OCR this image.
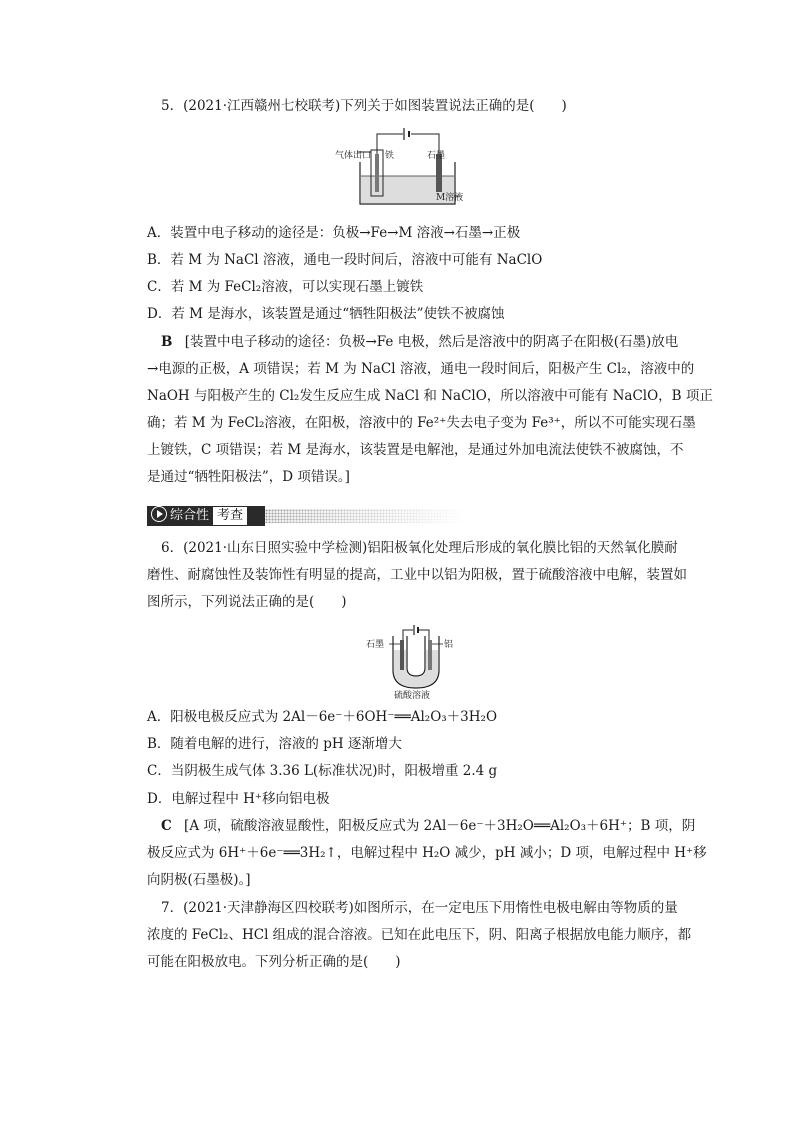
5．(2021·江西赣州七校联考)下列关于如图装置说法正确的是(　　)
气体出口 铁	石墨
M溶液
A．装置中电子移动的途径是：负极→Fe→M 溶液→石墨→正极
B．若 M 为 NaCl 溶液，通电一段时间后，溶液中可能有 NaClO
C．若 M 为 FeCl₂溶液，可以实现石墨上镀铁
D．若 M 是海水，该装置是通过“牺牲阳极法”使铁不被腐蚀
B [装置中电子移动的途径：负极→Fe 电极，然后是溶液中的阴离子在阳极(石墨)放电
→电源的正极，A 项错误；若 M 为 NaCl 溶液，通电一段时间后，阳极产生 Cl₂，溶液中的
NaOH 与阳极产生的 Cl₂发生反应生成 NaCl 和 NaClO，所以溶液中可能有 NaClO，B 项正
确；若 M 为 FeCl₂溶液，在阳极，溶液中的 Fe²⁺失去电子变为 Fe³⁺，所以不可能实现石墨
上镀铁，C 项错误；若 M 是海水，该装置是电解池，是通过外加电流法使铁不被腐蚀，不
是通过“牺牲阳极法”，D 项错误。]
综合性 考查
6．(2021·山东日照实验中学检测)铝阳极氧化处理后形成的氧化膜比铝的天然氧化膜耐
磨性、耐腐蚀性及装饰性有明显的提高，工业中以铝为阳极，置于硫酸溶液中电解，装置如
图所示，下列说法正确的是(　　)
石墨	铝
硫酸溶液
A．阳极电极反应式为 2Al－6e⁻＋6OH⁻══Al₂O₃＋3H₂O
B．随着电解的进行，溶液的 pH 逐渐增大
C．当阴极生成气体 3.36 L(标准状况)时，阳极增重 2.4 g
D．电解过程中 H⁺移向铝电极
C [A 项，硫酸溶液显酸性，阳极反应式为 2Al－6e⁻＋3H₂O══Al₂O₃＋6H⁺；B 项，阴
极反应式为 6H⁺＋6e⁻══3H₂↑，电解过程中 H₂O 减少，pH 减小；D 项，电解过程中 H⁺移
向阴极(石墨极)。]
7．(2021·天津静海区四校联考)如图所示，在一定电压下用惰性电极电解由等物质的量
浓度的 FeCl₂、HCl 组成的混合溶液。已知在此电压下，阴、阳离子根据放电能力顺序，都
可能在阳极放电。下列分析正确的是(　　)
